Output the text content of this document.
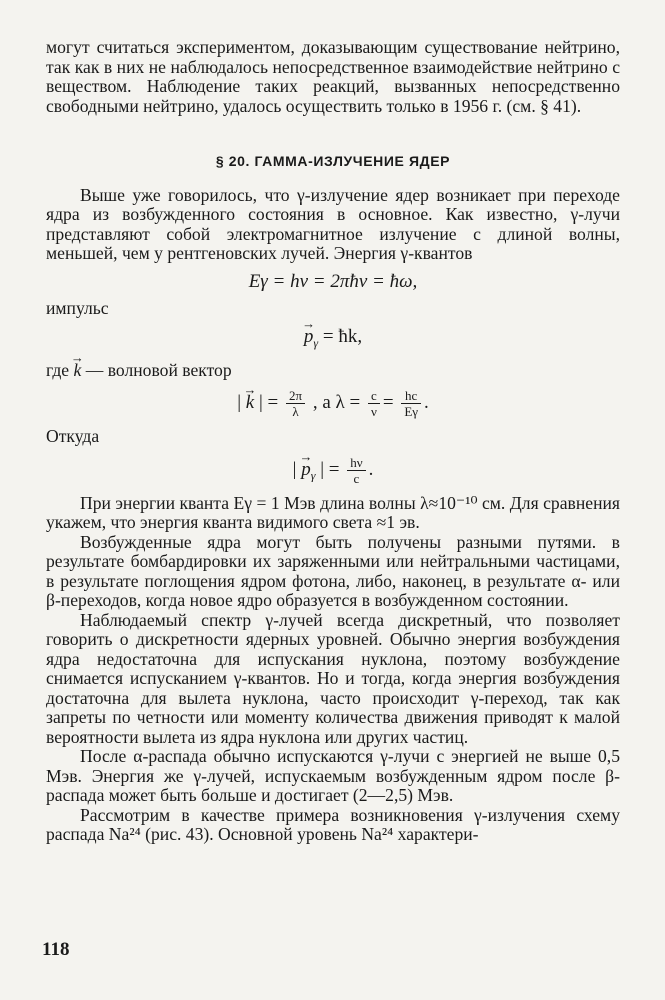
могут считаться экспериментом, доказывающим существование нейтрино, так как в них не наблюдалось непосредственное взаимодействие нейтрино с веществом. Наблюдение таких реакций, вызванных непосредственно свободными нейтрино, удалось осуществить только в 1956 г. (см. § 41).

§ 20. ГАММА-ИЗЛУЧЕНИЕ ЯДЕР

Выше уже говорилось, что γ-излучение ядер возникает при переходе ядра из возбужденного состояния в основное. Как известно, γ-лучи представляют собой электромагнитное излучение с длиной волны, меньшей, чем у рентгеновских лучей. Энергия γ-квантов

Eγ = hν = 2πħν = ħω,

импульс

→ $p_\gamma$ = ħk,

где → k — волновой вектор

| → k | = $\frac{2\pi}{\lambda}$ , а $\lambda = \frac{c}{\nu} = \frac{hc}{E\gamma}$ .

Откуда

| → $p_\gamma$ | = $\frac{h\nu}{c}$ .

При энергии кванта Eγ = 1 Мэв длина волны λ≈10⁻¹⁰ см. Для сравнения укажем, что энергия кванта видимого света ≈1 эв.

Возбужденные ядра могут быть получены разными путями. в результате бомбардировки их заряженными или нейтральными частицами, в результате поглощения ядром фотона, либо, наконец, в результате α- или β-переходов, когда новое ядро образуется в возбужденном состоянии.

Наблюдаемый спектр γ-лучей всегда дискретный, что позволяет говорить о дискретности ядерных уровней. Обычно энергия возбуждения ядра недостаточна для испускания нуклона, поэтому возбуждение снимается испусканием γ-квантов. Но и тогда, когда энергия возбуждения достаточна для вылета нуклона, часто происходит γ-переход, так как запреты по четности или моменту количества движения приводят к малой вероятности вылета из ядра нуклона или других частиц.

После α-распада обычно испускаются γ-лучи с энергией не выше 0,5 Мэв. Энергия же γ-лучей, испускаемым возбужденным ядром после β-распада может быть больше и достигает (2—2,5) Мэв.

Рассмотрим в качестве примера возникновения γ-излучения схему распада Na²⁴ (рис. 43). Основной уровень Na²⁴ характери-

118
